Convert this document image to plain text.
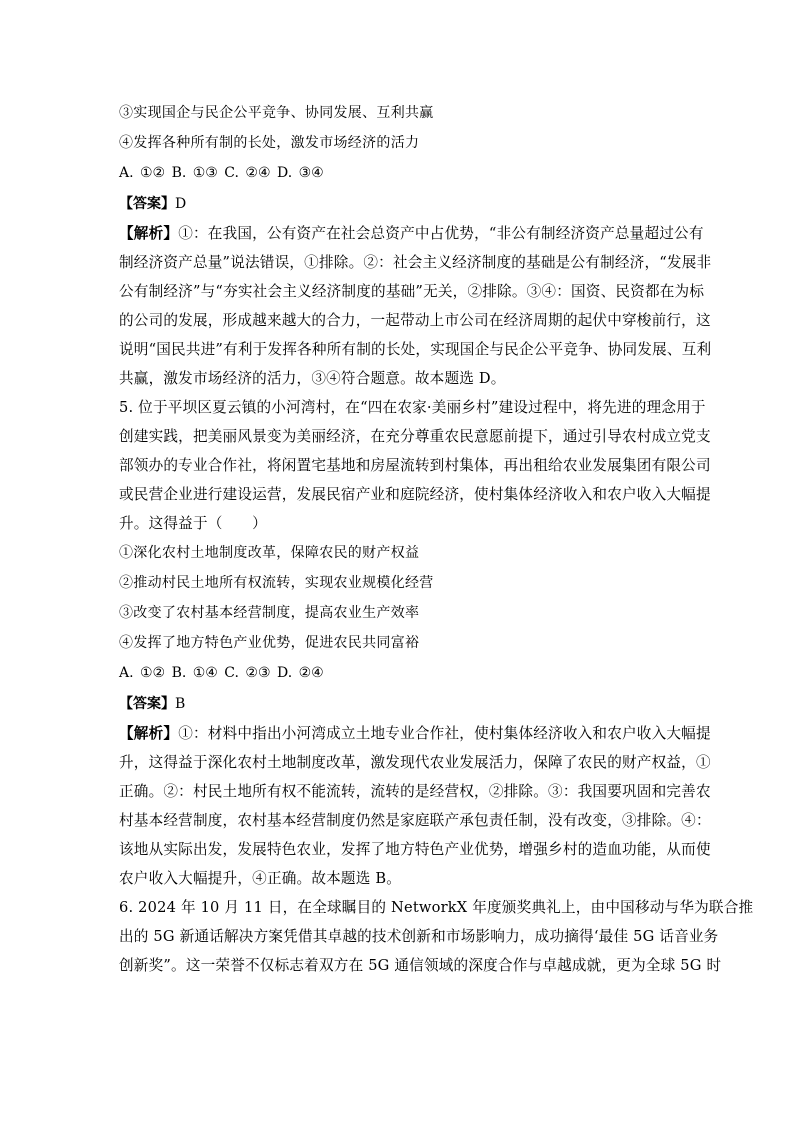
③实现国企与民企公平竞争、协同发展、互利共赢
④发挥各种所有制的长处，激发市场经济的活力
A. ①② B. ①③ C. ②④ D. ③④
【答案】D
【解析】①：在我国，公有资产在社会总资产中占优势，“非公有制经济资产总量超过公有
制经济资产总量”说法错误，①排除。②：社会主义经济制度的基础是公有制经济，“发展非
公有制经济”与“夯实社会主义经济制度的基础”无关，②排除。③④：国资、民资都在为标
的公司的发展，形成越来越大的合力，一起带动上市公司在经济周期的起伏中穿梭前行，这
说明“国民共进”有利于发挥各种所有制的长处，实现国企与民企公平竞争、协同发展、互利
共赢，激发市场经济的活力，③④符合题意。故本题选 D。
5. 位于平坝区夏云镇的小河湾村，在“四在农家·美丽乡村”建设过程中，将先进的理念用于
创建实践，把美丽风景变为美丽经济，在充分尊重农民意愿前提下，通过引导农村成立党支
部领办的专业合作社，将闲置宅基地和房屋流转到村集体，再出租给农业发展集团有限公司
或民营企业进行建设运营，发展民宿产业和庭院经济，使村集体经济收入和农户收入大幅提
升。这得益于（　　）
①深化农村土地制度改革，保障农民的财产权益
②推动村民土地所有权流转，实现农业规模化经营
③改变了农村基本经营制度，提高农业生产效率
④发挥了地方特色产业优势，促进农民共同富裕
A. ①② B. ①④ C. ②③ D. ②④
【答案】B
【解析】①：材料中指出小河湾成立土地专业合作社，使村集体经济收入和农户收入大幅提
升，这得益于深化农村土地制度改革，激发现代农业发展活力，保障了农民的财产权益，①
正确。②：村民土地所有权不能流转，流转的是经营权，②排除。③：我国要巩固和完善农
村基本经营制度，农村基本经营制度仍然是家庭联产承包责任制，没有改变，③排除。④：
该地从实际出发，发展特色农业，发挥了地方特色产业优势，增强乡村的造血功能，从而使
农户收入大幅提升，④正确。故本题选 B。
6. 2024 年 10 月 11 日，在全球瞩目的 NetworkX 年度颁奖典礼上，由中国移动与华为联合推
出的 5G 新通话解决方案凭借其卓越的技术创新和市场影响力，成功摘得‘最佳 5G 话音业务
创新奖”。这一荣誉不仅标志着双方在 5G 通信领域的深度合作与卓越成就，更为全球 5G 时
